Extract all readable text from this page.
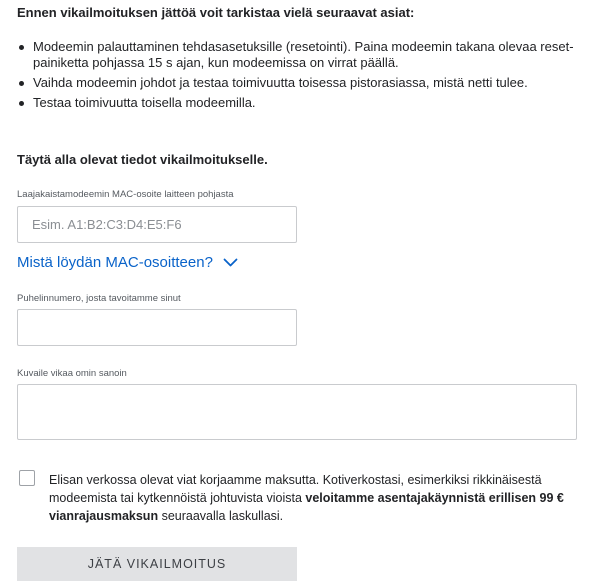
Ennen vikailmoituksen jättöä voit tarkistaa vielä seuraavat asiat:
Modeemin palauttaminen tehdasasetuksille (resetointi). Paina modeemin takana olevaa reset-painiketta pohjassa 15 s ajan, kun modeemissa on virrat päällä.
Vaihda modeemin johdot ja testaa toimivuutta toisessa pistorasiassa, mistä netti tulee.
Testaa toimivuutta toisella modeemilla.
Täytä alla olevat tiedot vikailmoitukselle.
Laajakaistamodeemin MAC-osoite laitteen pohjasta
Esim. A1:B2:C3:D4:E5:F6
Mistä löydän MAC-osoitteen?
Puhelinnumero, josta tavoitamme sinut
Kuvaile vikaa omin sanoin
Elisan verkossa olevat viat korjaamme maksutta. Kotiverkostasi, esimerkiksi rikkinäisestä modeemista tai kytkennöistä johtuvista vioista veloitamme asentajakäynnistä erillisen 99 € vianrajausmaksun seuraavalla laskullasi.
JÄTÄ VIKAILMOITUS
